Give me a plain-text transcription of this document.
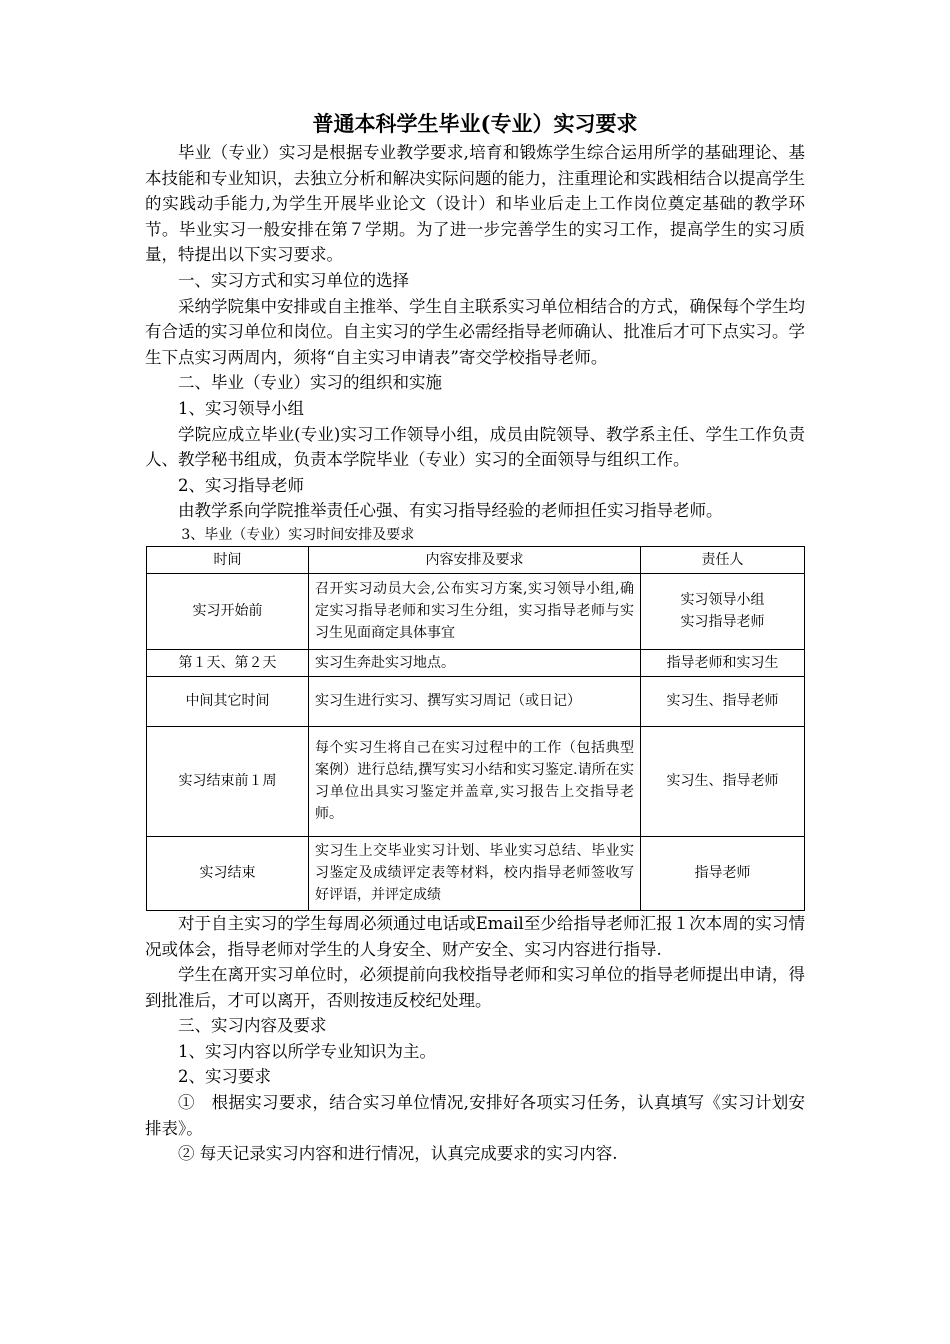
普通本科学生毕业(专业）实习要求

毕业（专业）实习是根据专业教学要求,培育和锻炼学生综合运用所学的基础理论、基本技能和专业知识，去独立分析和解决实际问题的能力，注重理论和实践相结合以提高学生的实践动手能力,为学生开展毕业论文（设计）和毕业后走上工作岗位奠定基础的教学环节。毕业实习一般安排在第７学期。为了进一步完善学生的实习工作，提高学生的实习质量，特提出以下实习要求。

一、实习方式和实习单位的选择

采纳学院集中安排或自主推举、学生自主联系实习单位相结合的方式，确保每个学生均有合适的实习单位和岗位。自主实习的学生必需经指导老师确认、批准后才可下点实习。学生下点实习两周内，须将“自主实习申请表”寄交学校指导老师。

二、毕业（专业）实习的组织和实施

1、实习领导小组

学院应成立毕业(专业)实习工作领导小组，成员由院领导、教学系主任、学生工作负责人、教学秘书组成，负责本学院毕业（专业）实习的全面领导与组织工作。

2、实习指导老师

由教学系向学院推举责任心强、有实习指导经验的老师担任实习指导老师。

3、毕业（专业）实习时间安排及要求

时间	内容安排及要求	责任人
实习开始前	召开实习动员大会,公布实习方案,实习领导小组,确定实习指导老师和实习生分组，实习指导老师与实习生见面商定具体事宜	实习领导小组
实习指导老师

第１天、第２天	实习生奔赴实习地点。	指导老师和实习生
中间其它时间	实习生进行实习、撰写实习周记（或日记）	实习生、指导老师
实习结束前１周	每个实习生将自己在实习过程中的工作（包括典型案例）进行总结,撰写实习小结和实习鉴定.请所在实习单位出具实习鉴定并盖章,实习报告上交指导老师。	实习生、指导老师
实习结束	实习生上交毕业实习计划、毕业实习总结、毕业实习鉴定及成绩评定表等材料，校内指导老师签收写好评语，并评定成绩	指导老师

对于自主实习的学生每周必须通过电话或Email至少给指导老师汇报１次本周的实习情况或体会，指导老师对学生的人身安全、财产安全、实习内容进行指导.

学生在离开实习单位时，必须提前向我校指导老师和实习单位的指导老师提出申请，得到批准后，才可以离开，否则按违反校纪处理。

三、实习内容及要求

1、实习内容以所学专业知识为主。

2、实习要求

①　根据实习要求，结合实习单位情况,安排好各项实习任务，认真填写《实习计划安排表》。

② 每天记录实习内容和进行情况，认真完成要求的实习内容.
